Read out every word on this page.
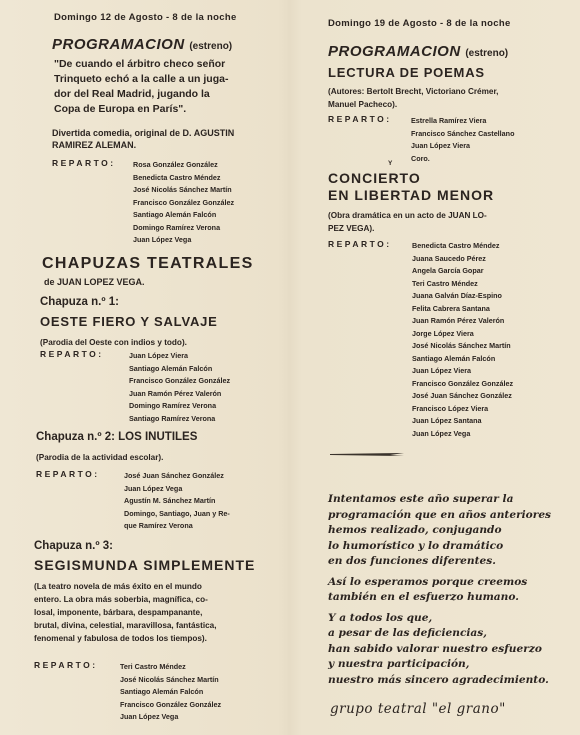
Domingo 12 de Agosto - 8 de la noche
PROGRAMACION (estreno)
"De cuando el árbitro checo señor
Trinqueto echó a la calle a un juga-
dor del Real Madrid, jugando la
Copa de Europa en París".
Divertida comedia, original de D. AGUSTIN
RAMIREZ ALEMAN.
REPARTO: Rosa González González
Benedicta Castro Méndez
José Nicolás Sánchez Martín
Francisco González González
Santiago Alemán Falcón
Domingo Ramírez Verona
Juan López Vega
CHAPUZAS TEATRALES
de JUAN LOPEZ VEGA.
Chapuza n.º 1:
OESTE FIERO Y SALVAJE
(Parodia del Oeste con indios y todo).
REPARTO:	Juan López Viera
Santiago Alemán Falcón
Francisco González González
Juan Ramón Pérez Valerón
Domingo Ramírez Verona
Santiago Ramírez Verona
Chapuza n.º 2: LOS INUTILES
(Parodia de la actividad escolar).
REPARTO:	José Juan Sánchez González
Juan López Vega
Agustín M. Sánchez Martín
Domingo, Santiago, Juan y Re-
que Ramírez Verona
Chapuza n.º 3:
SEGISMUNDA SIMPLEMENTE
(La teatro novela de más éxito en el mundo
entero. La obra más soberbia, magnífica, co-
losal, imponente, bárbara, despampanante,
brutal, divina, celestial, maravillosa, fantástica,
fenomenal y fabulosa de todos los tiempos).
REPARTO:	Teri Castro Méndez
José Nicolás Sánchez Martín
Santiago Alemán Falcón
Francisco González González
Juan López Vega
Domingo 19 de Agosto - 8 de la noche
PROGRAMACION (estreno)
LECTURA DE POEMAS
(Autores: Bertolt Brecht, Victoriano Crémer,
Manuel Pacheco).
REPARTO:	Estrella Ramírez Viera
Francisco Sánchez Castellano
Juan López Viera
Coro.
Y
CONCIERTO
EN LIBERTAD MENOR
(Obra dramática en un acto de JUAN LO-
PEZ VEGA).
REPARTO:	Benedicta Castro Méndez
Juana Saucedo Pérez
Angela García Gopar
Teri Castro Méndez
Juana Galván Díaz-Espino
Felita Cabrera Santana
Juan Ramón Pérez Valerón
Jorge López Viera
José Nicolás Sánchez Martín
Santiago Alemán Falcón
Juan López Viera
Francisco González González
José Juan Sánchez González
Francisco López Viera
Juan López Santana
Juan López Vega
Intentamos este año superar la
programación que en años anteriores
hemos realizado, conjugando
lo humorístico y lo dramático
en dos funciones diferentes.
Así lo esperamos porque creemos
también en el esfuerzo humano.
Y a todos los que,
a pesar de las deficiencias,
han sabido valorar nuestro esfuerzo
y nuestra participación,
nuestro más sincero agradecimiento.
grupo teatral "el grano"
